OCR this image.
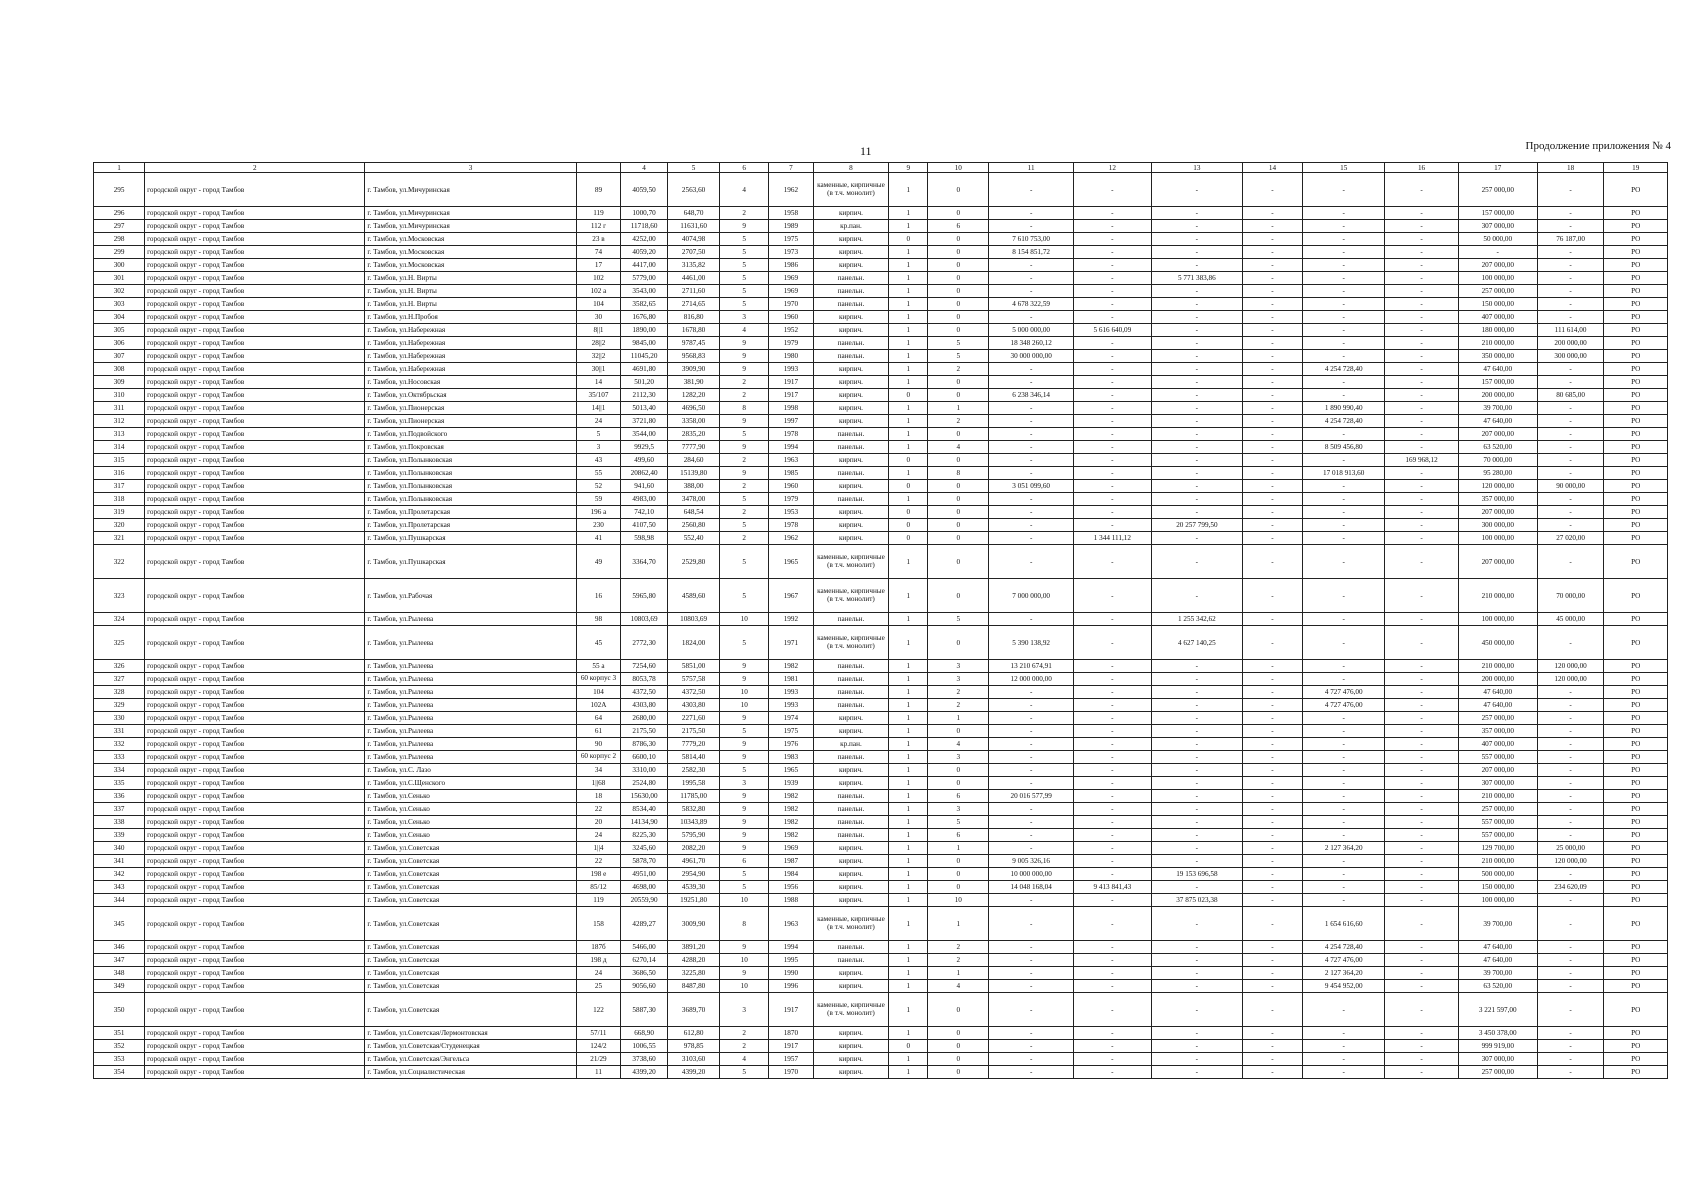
11	Продолжение приложения № 4
1	2	3		4	5	6	7	8	9	10	11	12	13	14	15	16	17	18	19
295	городской округ - город Тамбов	г. Тамбов, ул.Мичуринская	89	4059,50	2563,60	4	1962	каменные, кирпичные (в т.ч. монолит)	1	0	-	-	-	-	-	-	257 000,00	-	РО
296	городской округ - город Тамбов	г. Тамбов, ул.Мичуринская	119	1000,70	648,70	2	1958	кирпич.	1	0	-	-	-	-	-	-	157 000,00	-	РО
297	городской округ - город Тамбов	г. Тамбов, ул.Мичуринская	112 г	11718,60	11631,60	9	1989	кр.пан.	1	6	-	-	-	-	-	-	307 000,00	-	РО
298	городской округ - город Тамбов	г. Тамбов, ул.Московская	23 в	4252,00	4074,98	5	1975	кирпич.	0	0	7 610 753,00	-	-	-	-	-	50 000,00	76 187,00	РО
299	городской округ - город Тамбов	г. Тамбов, ул.Московская	74	4059,20	2707,50	5	1973	кирпич.	1	0	8 154 851,72	-	-	-	-	-	-	-	РО
300	городской округ - город Тамбов	г. Тамбов, ул.Московская	17	4417,00	3135,82	5	1986	кирпич.	1	0	-	-	-	-	-	-	207 000,00	-	РО
301	городской округ - город Тамбов	г. Тамбов, ул.Н. Вирты	102	5779,00	4461,00	5	1969	панельн.	1	0	-	-	5 771 383,86	-	-	-	100 000,00	-	РО
302	городской округ - город Тамбов	г. Тамбов, ул.Н. Вирты	102 а	3543,00	2711,60	5	1969	панельн.	1	0	-	-	-	-	-	-	257 000,00	-	РО
303	городской округ - город Тамбов	г. Тамбов, ул.Н. Вирты	104	3582,65	2714,65	5	1970	панельн.	1	0	4 678 322,59	-	-	-	-	-	150 000,00	-	РО
304	городской округ - город Тамбов	г. Тамбов, ул.Н.Пробоя	30	1676,80	816,80	3	1960	кирпич.	1	0	-	-	-	-	-	-	407 000,00	-	РО
305	городской округ - город Тамбов	г. Тамбов, ул.Набережная	8||1	1890,00	1678,80	4	1952	кирпич.	1	0	5 000 000,00	5 616 640,09	-	-	-	-	180 000,00	111 614,00	РО
306	городской округ - город Тамбов	г. Тамбов, ул.Набережная	28||2	9845,00	9787,45	9	1979	панельн.	1	5	18 348 260,12	-	-	-	-	-	210 000,00	200 000,00	РО
307	городской округ - город Тамбов	г. Тамбов, ул.Набережная	32||2	11045,20	9568,83	9	1980	панельн.	1	5	30 000 000,00	-	-	-	-	-	350 000,00	300 000,00	РО
308	городской округ - город Тамбов	г. Тамбов, ул.Набережная	30||1	4691,80	3909,90	9	1993	кирпич.	1	2	-	-	-	-	4 254 728,40	-	47 640,00	-	РО
309	городской округ - город Тамбов	г. Тамбов, ул.Носовская	14	501,20	381,90	2	1917	кирпич.	1	0	-	-	-	-	-	-	157 000,00	-	РО
310	городской округ - город Тамбов	г. Тамбов, ул.Октябрьская	35/107	2112,30	1282,20	2	1917	кирпич.	0	0	6 238 346,14	-	-	-	-	-	200 000,00	80 685,00	РО
311	городской округ - город Тамбов	г. Тамбов, ул.Пионерская	14||1	5013,40	4696,50	8	1998	кирпич.	1	1	-	-	-	-	1 890 990,40	-	39 700,00	-	РО
312	городской округ - город Тамбов	г. Тамбов, ул.Пионерская	24	3721,80	3358,00	9	1997	кирпич.	1	2	-	-	-	-	4 254 728,40	-	47 640,00	-	РО
313	городской округ - город Тамбов	г. Тамбов, ул.Подвойского	5	3544,00	2835,20	5	1978	панельн.	1	0	-	-	-	-	-	-	207 000,00	-	РО
314	городской округ - город Тамбов	г. Тамбов, ул.Покровская	3	9929,5	7777,90	9	1994	панельн.	1	4	-	-	-	-	8 509 456,80	-	63 520,00	-	РО
315	городской округ - город Тамбов	г. Тамбов, ул.Полынковская	43	499,60	284,60	2	1963	кирпич.	0	0	-	-	-	-	-	169 968,12	70 000,00	-	РО
316	городской округ - город Тамбов	г. Тамбов, ул.Полынковская	55	20862,40	15139,80	9	1985	панельн.	1	8	-	-	-	-	17 018 913,60	-	95 280,00	-	РО
317	городской округ - город Тамбов	г. Тамбов, ул.Полынковская	52	941,60	388,00	2	1960	кирпич.	0	0	3 051 099,60	-	-	-	-	-	120 000,00	90 000,00	РО
318	городской округ - город Тамбов	г. Тамбов, ул.Полынковская	59	4983,00	3478,00	5	1979	панельн.	1	0	-	-	-	-	-	-	357 000,00	-	РО
319	городской округ - город Тамбов	г. Тамбов, ул.Пролетарская	196 а	742,10	648,54	2	1953	кирпич.	0	0	-	-	-	-	-	-	207 000,00	-	РО
320	городской округ - город Тамбов	г. Тамбов, ул.Пролетарская	230	4107,50	2560,80	5	1978	кирпич.	0	0	-	-	20 257 799,50	-	-	-	300 000,00	-	РО
321	городской округ - город Тамбов	г. Тамбов, ул.Пушкарская	41	598,98	552,40	2	1962	кирпич.	0	0	-	1 344 111,12	-	-	-	-	100 000,00	27 020,00	РО
322	городской округ - город Тамбов	г. Тамбов, ул.Пушкарская	49	3364,70	2529,80	5	1965	каменные, кирпичные (в т.ч. монолит)	1	0	-	-	-	-	-	-	207 000,00	-	РО
323	городской округ - город Тамбов	г. Тамбов, ул.Рабочая	16	5965,80	4589,60	5	1967	каменные, кирпичные (в т.ч. монолит)	1	0	7 000 000,00	-	-	-	-	-	210 000,00	70 000,00	РО
324	городской округ - город Тамбов	г. Тамбов, ул.Рылеева	98	10803,69	10803,69	10	1992	панельн.	1	5	-	-	1 255 342,62	-	-	-	100 000,00	45 000,00	РО
325	городской округ - город Тамбов	г. Тамбов, ул.Рылеева	45	2772,30	1824,00	5	1971	каменные, кирпичные (в т.ч. монолит)	1	0	5 390 138,92	-	4 627 140,25	-	-	-	450 000,00	-	РО
326	городской округ - город Тамбов	г. Тамбов, ул.Рылеева	55 а	7254,60	5851,00	9	1982	панельн.	1	3	13 210 674,91	-	-	-	-	-	210 000,00	120 000,00	РО
327	городской округ - город Тамбов	г. Тамбов, ул.Рылеева	60 корпус 3	8053,78	5757,58	9	1981	панельн.	1	3	12 000 000,00	-	-	-	-	-	200 000,00	120 000,00	РО
328	городской округ - город Тамбов	г. Тамбов, ул.Рылеева	104	4372,50	4372,50	10	1993	панельн.	1	2	-	-	-	-	4 727 476,00	-	47 640,00	-	РО
329	городской округ - город Тамбов	г. Тамбов, ул.Рылеева	102А	4303,80	4303,80	10	1993	панельн.	1	2	-	-	-	-	4 727 476,00	-	47 640,00	-	РО
330	городской округ - город Тамбов	г. Тамбов, ул.Рылеева	64	2680,00	2271,60	9	1974	кирпич.	1	1	-	-	-	-	-	-	257 000,00	-	РО
331	городской округ - город Тамбов	г. Тамбов, ул.Рылеева	61	2175,50	2175,50	5	1975	кирпич.	1	0	-	-	-	-	-	-	357 000,00	-	РО
332	городской округ - город Тамбов	г. Тамбов, ул.Рылеева	90	8786,30	7779,20	9	1976	кр.пан.	1	4	-	-	-	-	-	-	407 000,00	-	РО
333	городской округ - город Тамбов	г. Тамбов, ул.Рылеева	60 корпус 2	6600,10	5814,40	9	1983	панельн.	1	3	-	-	-	-	-	-	557 000,00	-	РО
334	городской округ - город Тамбов	г. Тамбов, ул.С. Лазо	34	3310,00	2582,30	5	1965	кирпич.	1	0	-	-	-	-	-	-	207 000,00	-	РО
335	городской округ - город Тамбов	г. Тамбов, ул.С.Щенского	1||68	2524,80	1995,58	3	1939	кирпич.	1	0	-	-	-	-	-	-	307 000,00	-	РО
336	городской округ - город Тамбов	г. Тамбов, ул.Сенько	18	15630,00	11785,00	9	1982	панельн.	1	6	20 016 577,99	-	-	-	-	-	210 000,00	-	РО
337	городской округ - город Тамбов	г. Тамбов, ул.Сенько	22	8534,40	5832,80	9	1982	панельн.	1	3	-	-	-	-	-	-	257 000,00	-	РО
338	городской округ - город Тамбов	г. Тамбов, ул.Сенько	20	14134,90	10343,89	9	1982	панельн.	1	5	-	-	-	-	-	-	557 000,00	-	РО
339	городской округ - город Тамбов	г. Тамбов, ул.Сенько	24	8225,30	5795,90	9	1982	панельн.	1	6	-	-	-	-	-	-	557 000,00	-	РО
340	городской округ - город Тамбов	г. Тамбов, ул.Советская	1||4	3245,60	2082,20	9	1969	кирпич.	1	1	-	-	-	-	2 127 364,20	-	129 700,00	25 000,00	РО
341	городской округ - город Тамбов	г. Тамбов, ул.Советская	22	5878,70	4961,70	6	1987	кирпич.	1	0	9 005 326,16	-	-	-	-	-	210 000,00	120 000,00	РО
342	городской округ - город Тамбов	г. Тамбов, ул.Советская	198 е	4951,00	2954,90	5	1984	кирпич.	1	0	10 000 000,00	-	19 153 696,58	-	-	-	500 000,00	-	РО
343	городской округ - город Тамбов	г. Тамбов, ул.Советская	85/12	4698,00	4539,30	5	1956	кирпич.	1	0	14 048 168,04	9 413 841,43	-	-	-	-	150 000,00	234 620,09	РО
344	городской округ - город Тамбов	г. Тамбов, ул.Советская	119	20559,90	19251,80	10	1988	кирпич.	1	10	-	-	37 875 023,38	-	-	-	100 000,00	-	РО
345	городской округ - город Тамбов	г. Тамбов, ул.Советская	158	4289,27	3009,90	8	1963	каменные, кирпичные (в т.ч. монолит)	1	1	-	-	-	-	1 654 616,60	-	39 700,00	-	РО
346	городской округ - город Тамбов	г. Тамбов, ул.Советская	187б	5466,00	3891,20	9	1994	панельн.	1	2	-	-	-	-	4 254 728,40	-	47 640,00	-	РО
347	городской округ - город Тамбов	г. Тамбов, ул.Советская	198 д	6270,14	4288,20	10	1995	панельн.	1	2	-	-	-	-	4 727 476,00	-	47 640,00	-	РО
348	городской округ - город Тамбов	г. Тамбов, ул.Советская	24	3686,50	3225,80	9	1990	кирпич.	1	1	-	-	-	-	2 127 364,20	-	39 700,00	-	РО
349	городской округ - город Тамбов	г. Тамбов, ул.Советская	25	9056,60	8487,80	10	1996	кирпич.	1	4	-	-	-	-	9 454 952,00	-	63 520,00	-	РО
350	городской округ - город Тамбов	г. Тамбов, ул.Советская	122	5887,30	3689,70	3	1917	каменные, кирпичные (в т.ч. монолит)	1	0	-	-	-	-	-	-	3 221 597,00	-	РО
351	городской округ - город Тамбов	г. Тамбов, ул.Советская/Лермонтовская	57/11	668,90	612,80	2	1870	кирпич.	1	0	-	-	-	-	-	-	3 450 378,00	-	РО
352	городской округ - город Тамбов	г. Тамбов, ул.Советская/Студенецкая	124/2	1006,55	978,85	2	1917	кирпич.	0	0	-	-	-	-	-	-	999 919,00	-	РО
353	городской округ - город Тамбов	г. Тамбов, ул.Советская/Энгельса	21/29	3738,60	3103,60	4	1957	кирпич.	1	0	-	-	-	-	-	-	307 000,00	-	РО
354	городской округ - город Тамбов	г. Тамбов, ул.Социалистическая	11	4399,20	4399,20	5	1970	кирпич.	1	0	-	-	-	-	-	-	257 000,00	-	РО
